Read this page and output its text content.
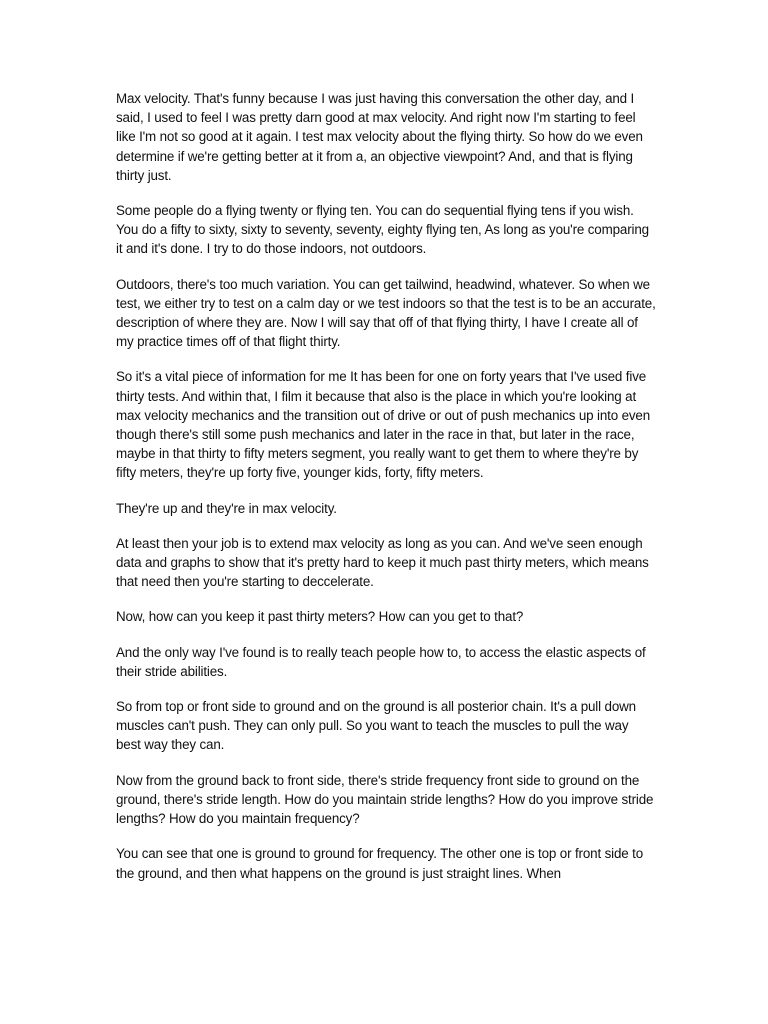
Max velocity. That's funny because I was just having this conversation the other day, and I said, I used to feel I was pretty darn good at max velocity. And right now I'm starting to feel like I'm not so good at it again. I test max velocity about the flying thirty. So how do we even determine if we're getting better at it from a, an objective viewpoint? And, and that is flying thirty just.

Some people do a flying twenty or flying ten. You can do sequential flying tens if you wish. You do a fifty to sixty, sixty to seventy, seventy, eighty flying ten, As long as you're comparing it and it's done. I try to do those indoors, not outdoors.

Outdoors, there's too much variation. You can get tailwind, headwind, whatever. So when we test, we either try to test on a calm day or we test indoors so that the test is to be an accurate, description of where they are. Now I will say that off of that flying thirty, I have I create all of my practice times off of that flight thirty.

So it's a vital piece of information for me It has been for one on forty years that I've used five thirty tests. And within that, I film it because that also is the place in which you're looking at max velocity mechanics and the transition out of drive or out of push mechanics up into even though there's still some push mechanics and later in the race in that, but later in the race, maybe in that thirty to fifty meters segment, you really want to get them to where they're by fifty meters, they're up forty five, younger kids, forty, fifty meters.

They're up and they're in max velocity.

At least then your job is to extend max velocity as long as you can. And we've seen enough data and graphs to show that it's pretty hard to keep it much past thirty meters, which means that need then you're starting to deccelerate.

Now, how can you keep it past thirty meters? How can you get to that?

And the only way I've found is to really teach people how to, to access the elastic aspects of their stride abilities.

So from top or front side to ground and on the ground is all posterior chain. It's a pull down muscles can't push. They can only pull. So you want to teach the muscles to pull the way best way they can.

Now from the ground back to front side, there's stride frequency front side to ground on the ground, there's stride length. How do you maintain stride lengths? How do you improve stride lengths? How do you maintain frequency?

You can see that one is ground to ground for frequency. The other one is top or front side to the ground, and then what happens on the ground is just straight lines. When
